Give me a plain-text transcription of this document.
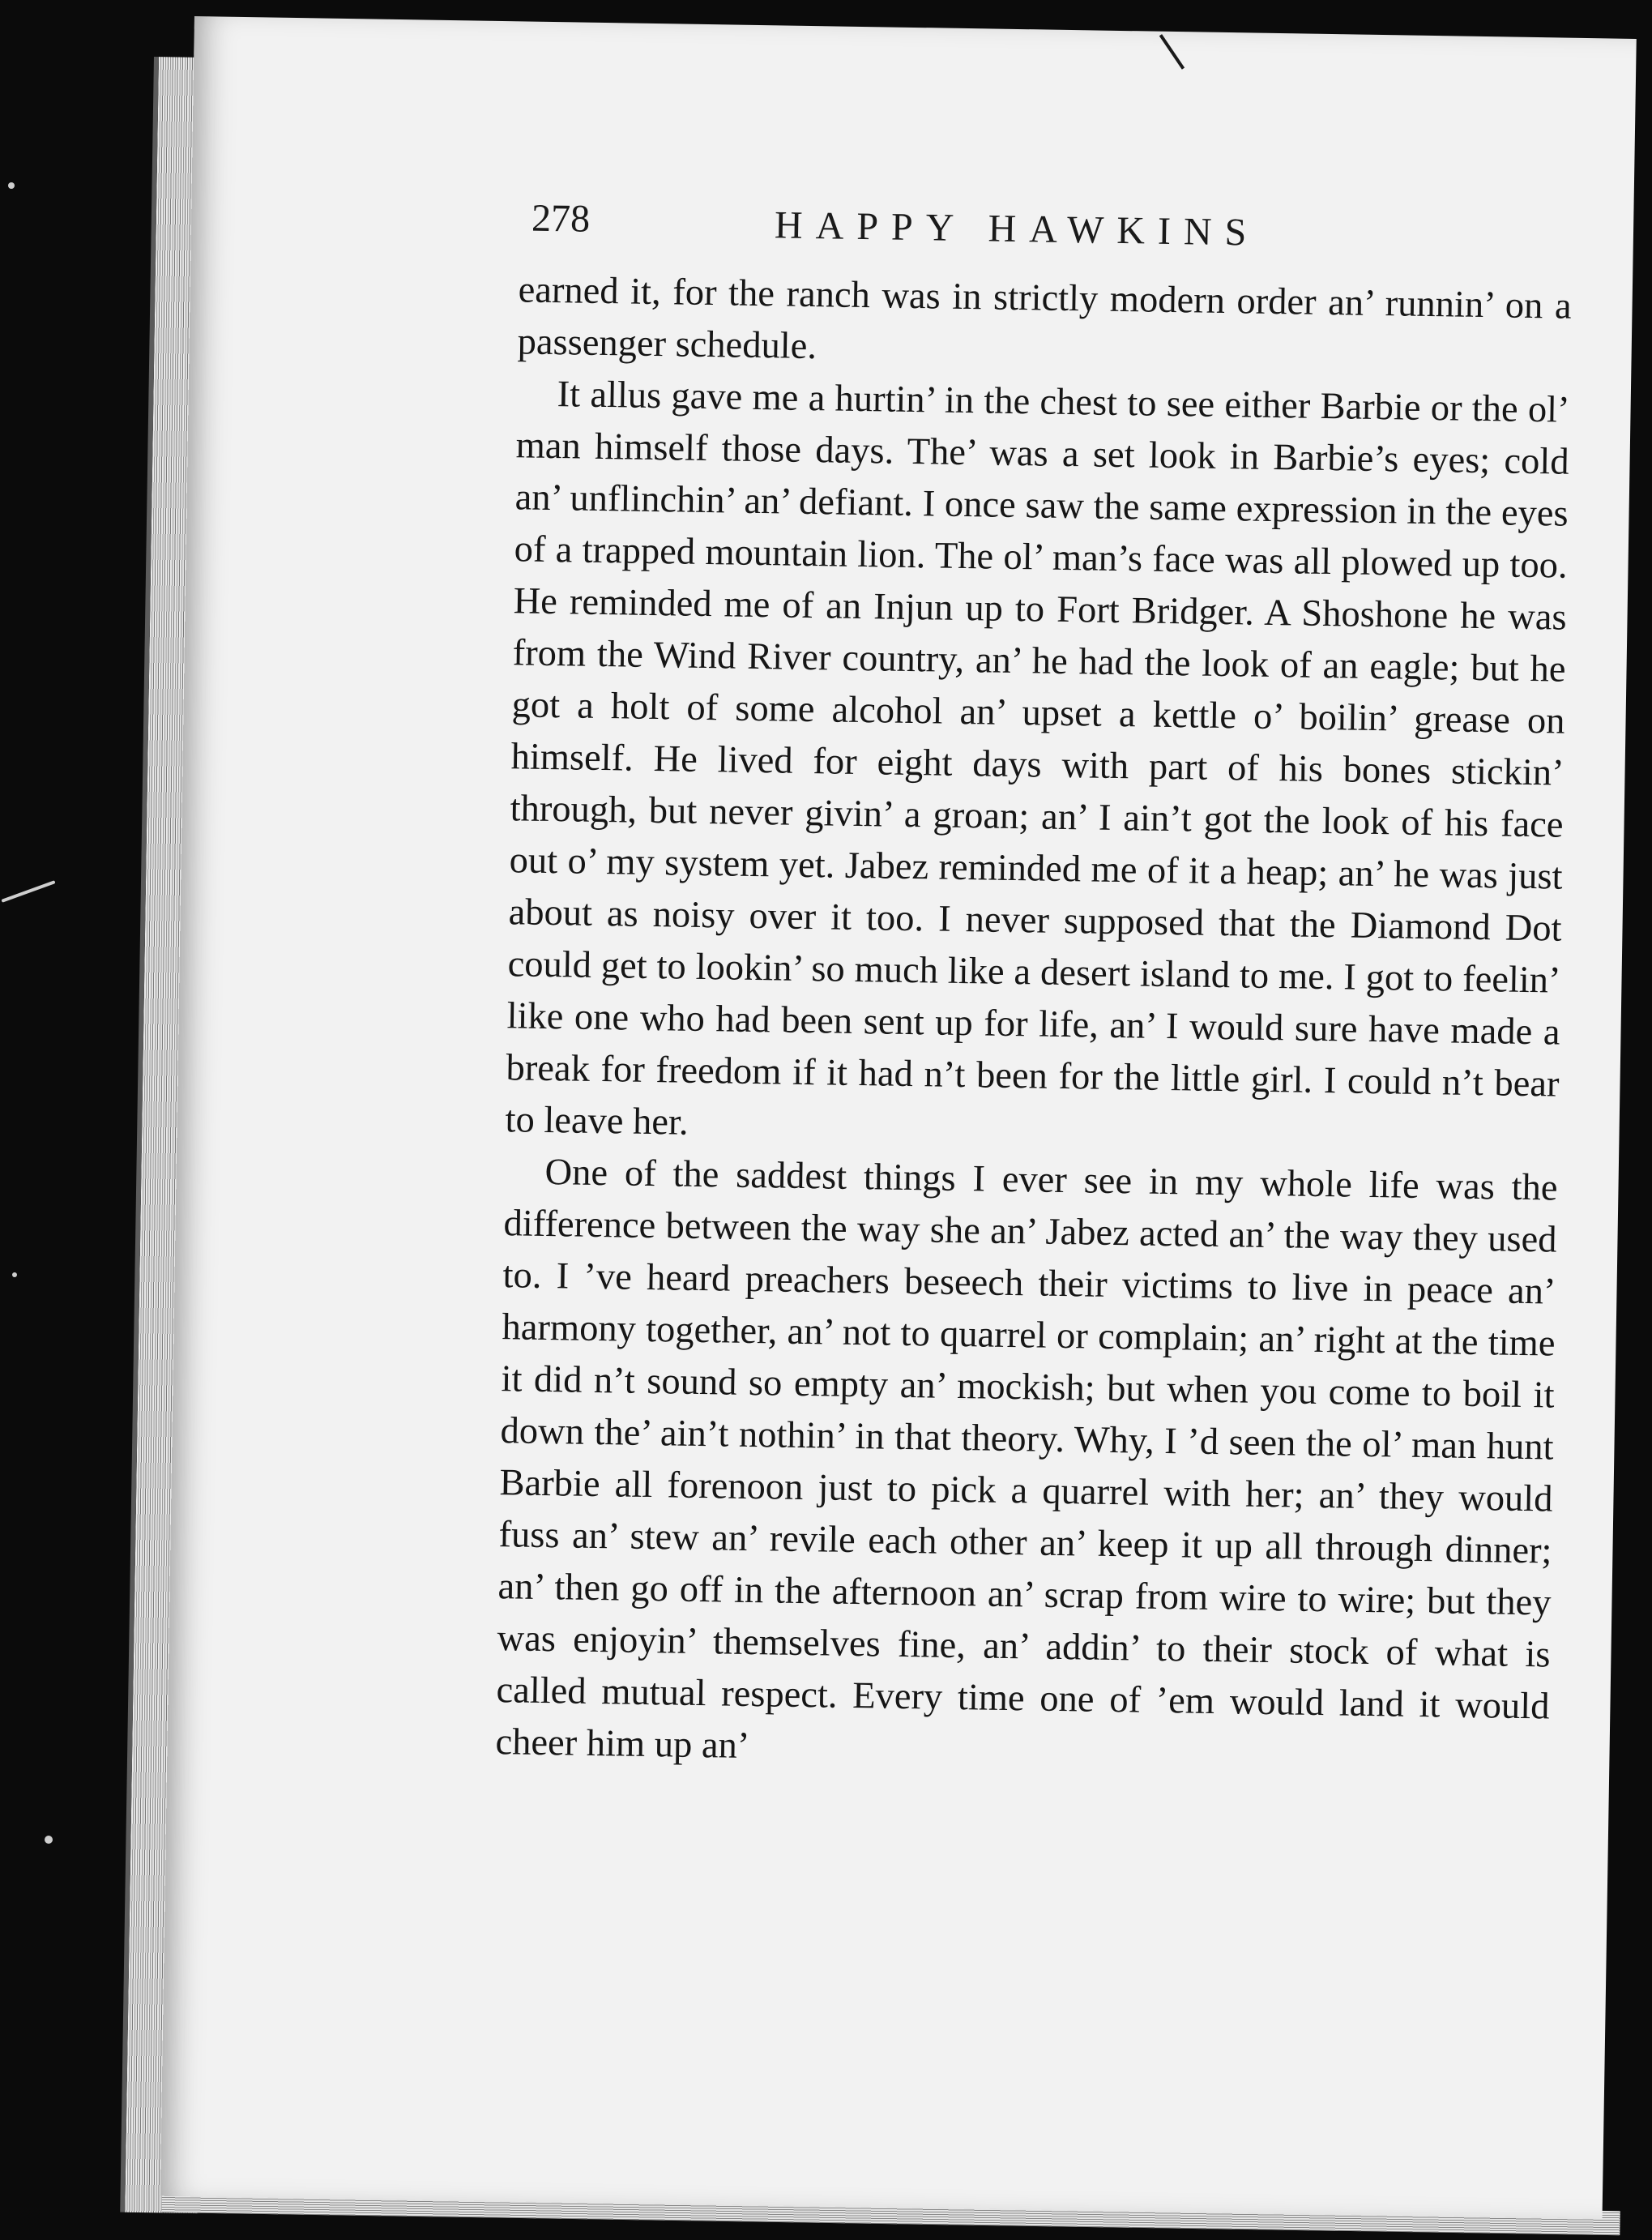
278	HAPPY HAWKINS

earned it, for the ranch was in strictly modern order an’ runnin’ on a passenger schedule.

It allus gave me a hurtin’ in the chest to see either Barbie or the ol’ man himself those days. The’ was a set look in Barbie’s eyes; cold an’ unflinchin’ an’ defiant. I once saw the same expression in the eyes of a trapped mountain lion. The ol’ man’s face was all plowed up too. He reminded me of an Injun up to Fort Bridger. A Shoshone he was from the Wind River country, an’ he had the look of an eagle; but he got a holt of some alcohol an’ upset a kettle o’ boilin’ grease on himself. He lived for eight days with part of his bones stickin’ through, but never givin’ a groan; an’ I ain’t got the look of his face out o’ my system yet. Jabez reminded me of it a heap; an’ he was just about as noisy over it too. I never supposed that the Diamond Dot could get to lookin’ so much like a desert island to me. I got to feelin’ like one who had been sent up for life, an’ I would sure have made a break for freedom if it had n’t been for the little girl. I could n’t bear to leave her.

One of the saddest things I ever see in my whole life was the difference between the way she an’ Jabez acted an’ the way they used to. I ’ve heard preachers beseech their victims to live in peace an’ harmony together, an’ not to quarrel or complain; an’ right at the time it did n’t sound so empty an’ mockish; but when you come to boil it down the’ ain’t nothin’ in that theory. Why, I ’d seen the ol’ man hunt Barbie all forenoon just to pick a quarrel with her; an’ they would fuss an’ stew an’ revile each other an’ keep it up all through dinner; an’ then go off in the afternoon an’ scrap from wire to wire; but they was enjoyin’ themselves fine, an’ addin’ to their stock of what is called mutual respect. Every time one of ’em would land it would cheer him up an’
